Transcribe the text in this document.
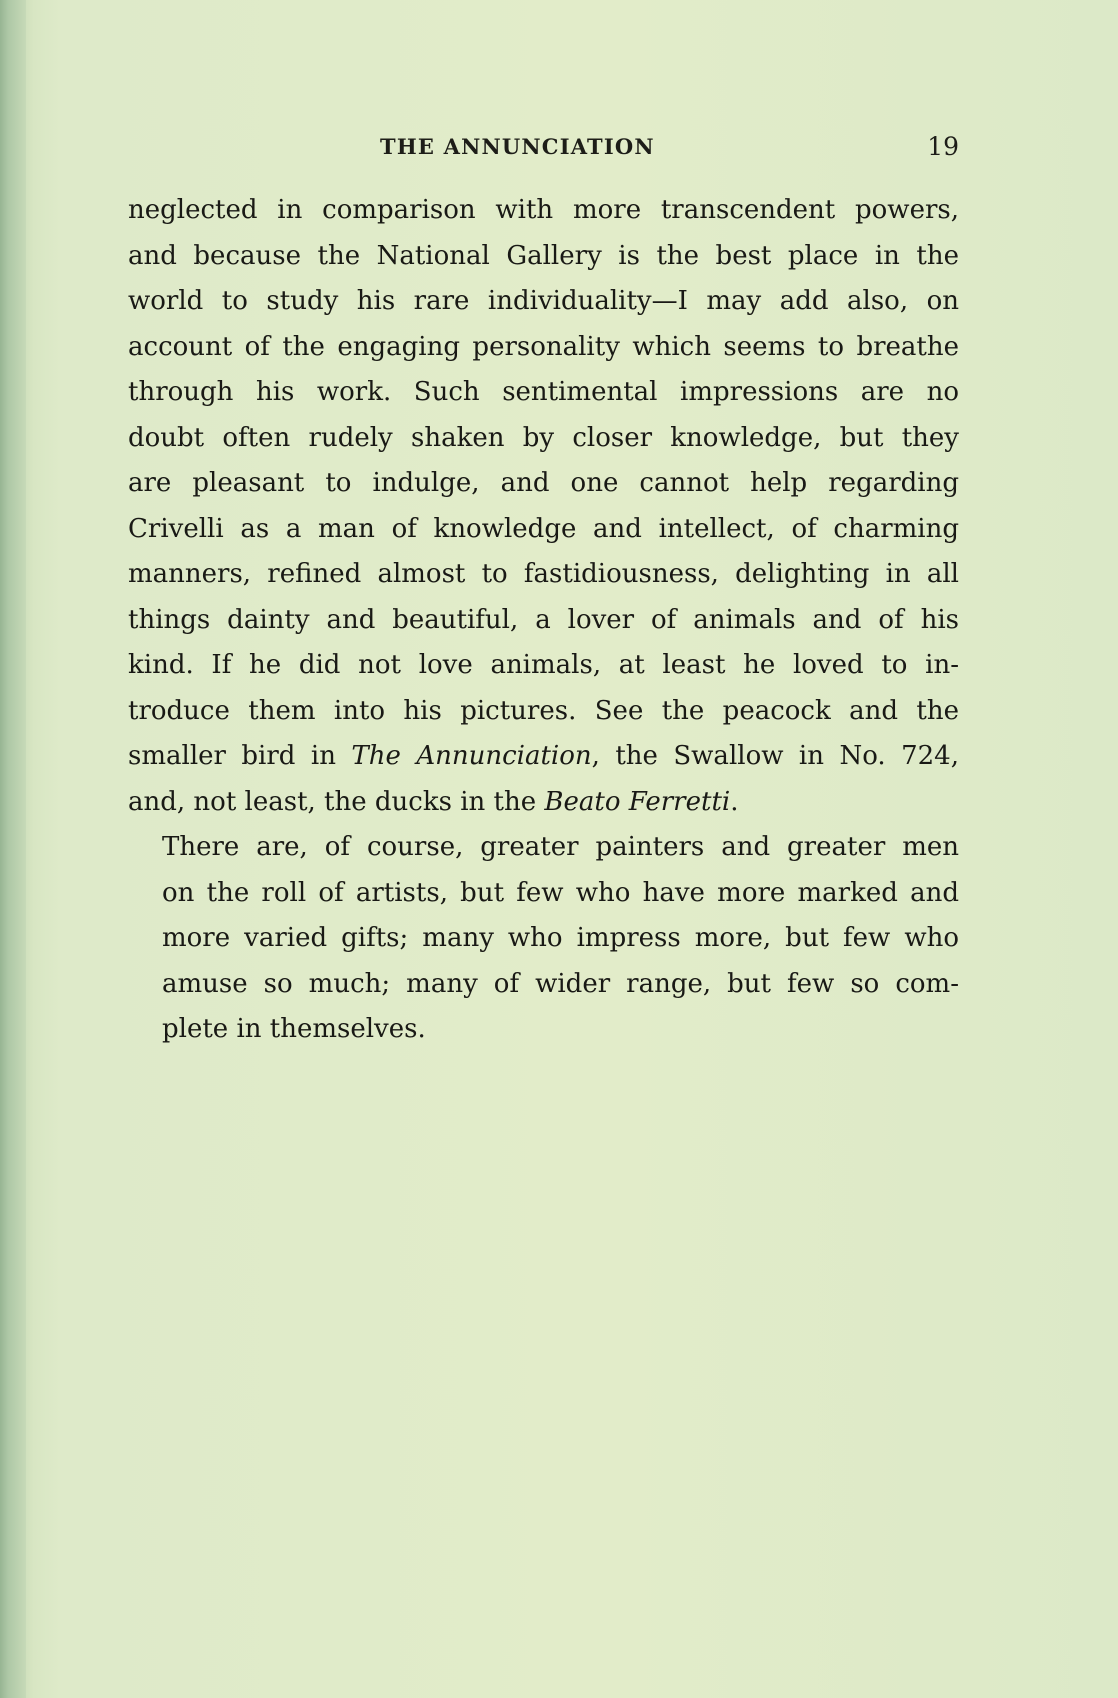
THE ANNUNCIATION	19

neglected in comparison with more transcendent powers,
and because the National Gallery is the best place in the
world to study his rare individuality—I may add also, on
account of the engaging personality which seems to breathe
through his work. Such sentimental impressions are no
doubt often rudely shaken by closer knowledge, but they
are pleasant to indulge, and one cannot help regarding
Crivelli as a man of knowledge and intellect, of charming
manners, refined almost to fastidiousness, delighting in all
things dainty and beautiful, a lover of animals and of his
kind. If he did not love animals, at least he loved to in-
troduce them into his pictures. See the peacock and the
smaller bird in The Annunciation, the Swallow in No. 724,
and, not least, the ducks in the Beato Ferretti.

There are, of course, greater painters and greater men
on the roll of artists, but few who have more marked and
more varied gifts; many who impress more, but few who
amuse so much; many of wider range, but few so com-
plete in themselves.
